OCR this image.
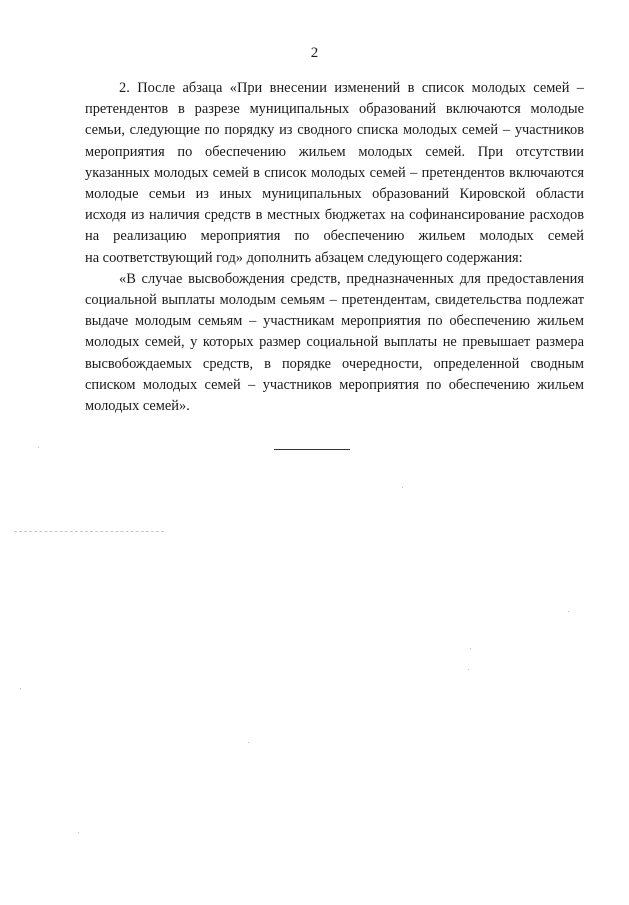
2

2. После абзаца «При внесении изменений в список молодых семей –
претендентов в разрезе муниципальных образований включаются молодые
семьи, следующие по порядку из сводного списка молодых семей – участников
мероприятия по обеспечению жильем молодых семей. При отсутствии
указанных молодых семей в список молодых семей – претендентов включаются
молодые семьи из иных муниципальных образований Кировской области
исходя из наличия средств в местных бюджетах на софинансирование расходов
на реализацию мероприятия по обеспечению жильем молодых семей
на соответствующий год» дополнить абзацем следующего содержания:

«В случае высвобождения средств, предназначенных для предоставления
социальной выплаты молодым семьям – претендентам, свидетельства подлежат
выдаче молодым семьям – участникам мероприятия по обеспечению жильем
молодых семей, у которых размер социальной выплаты не превышает размера
высвобождаемых средств, в порядке очередности, определенной сводным
списком молодых семей – участников мероприятия по обеспечению жильем
молодых семей».
